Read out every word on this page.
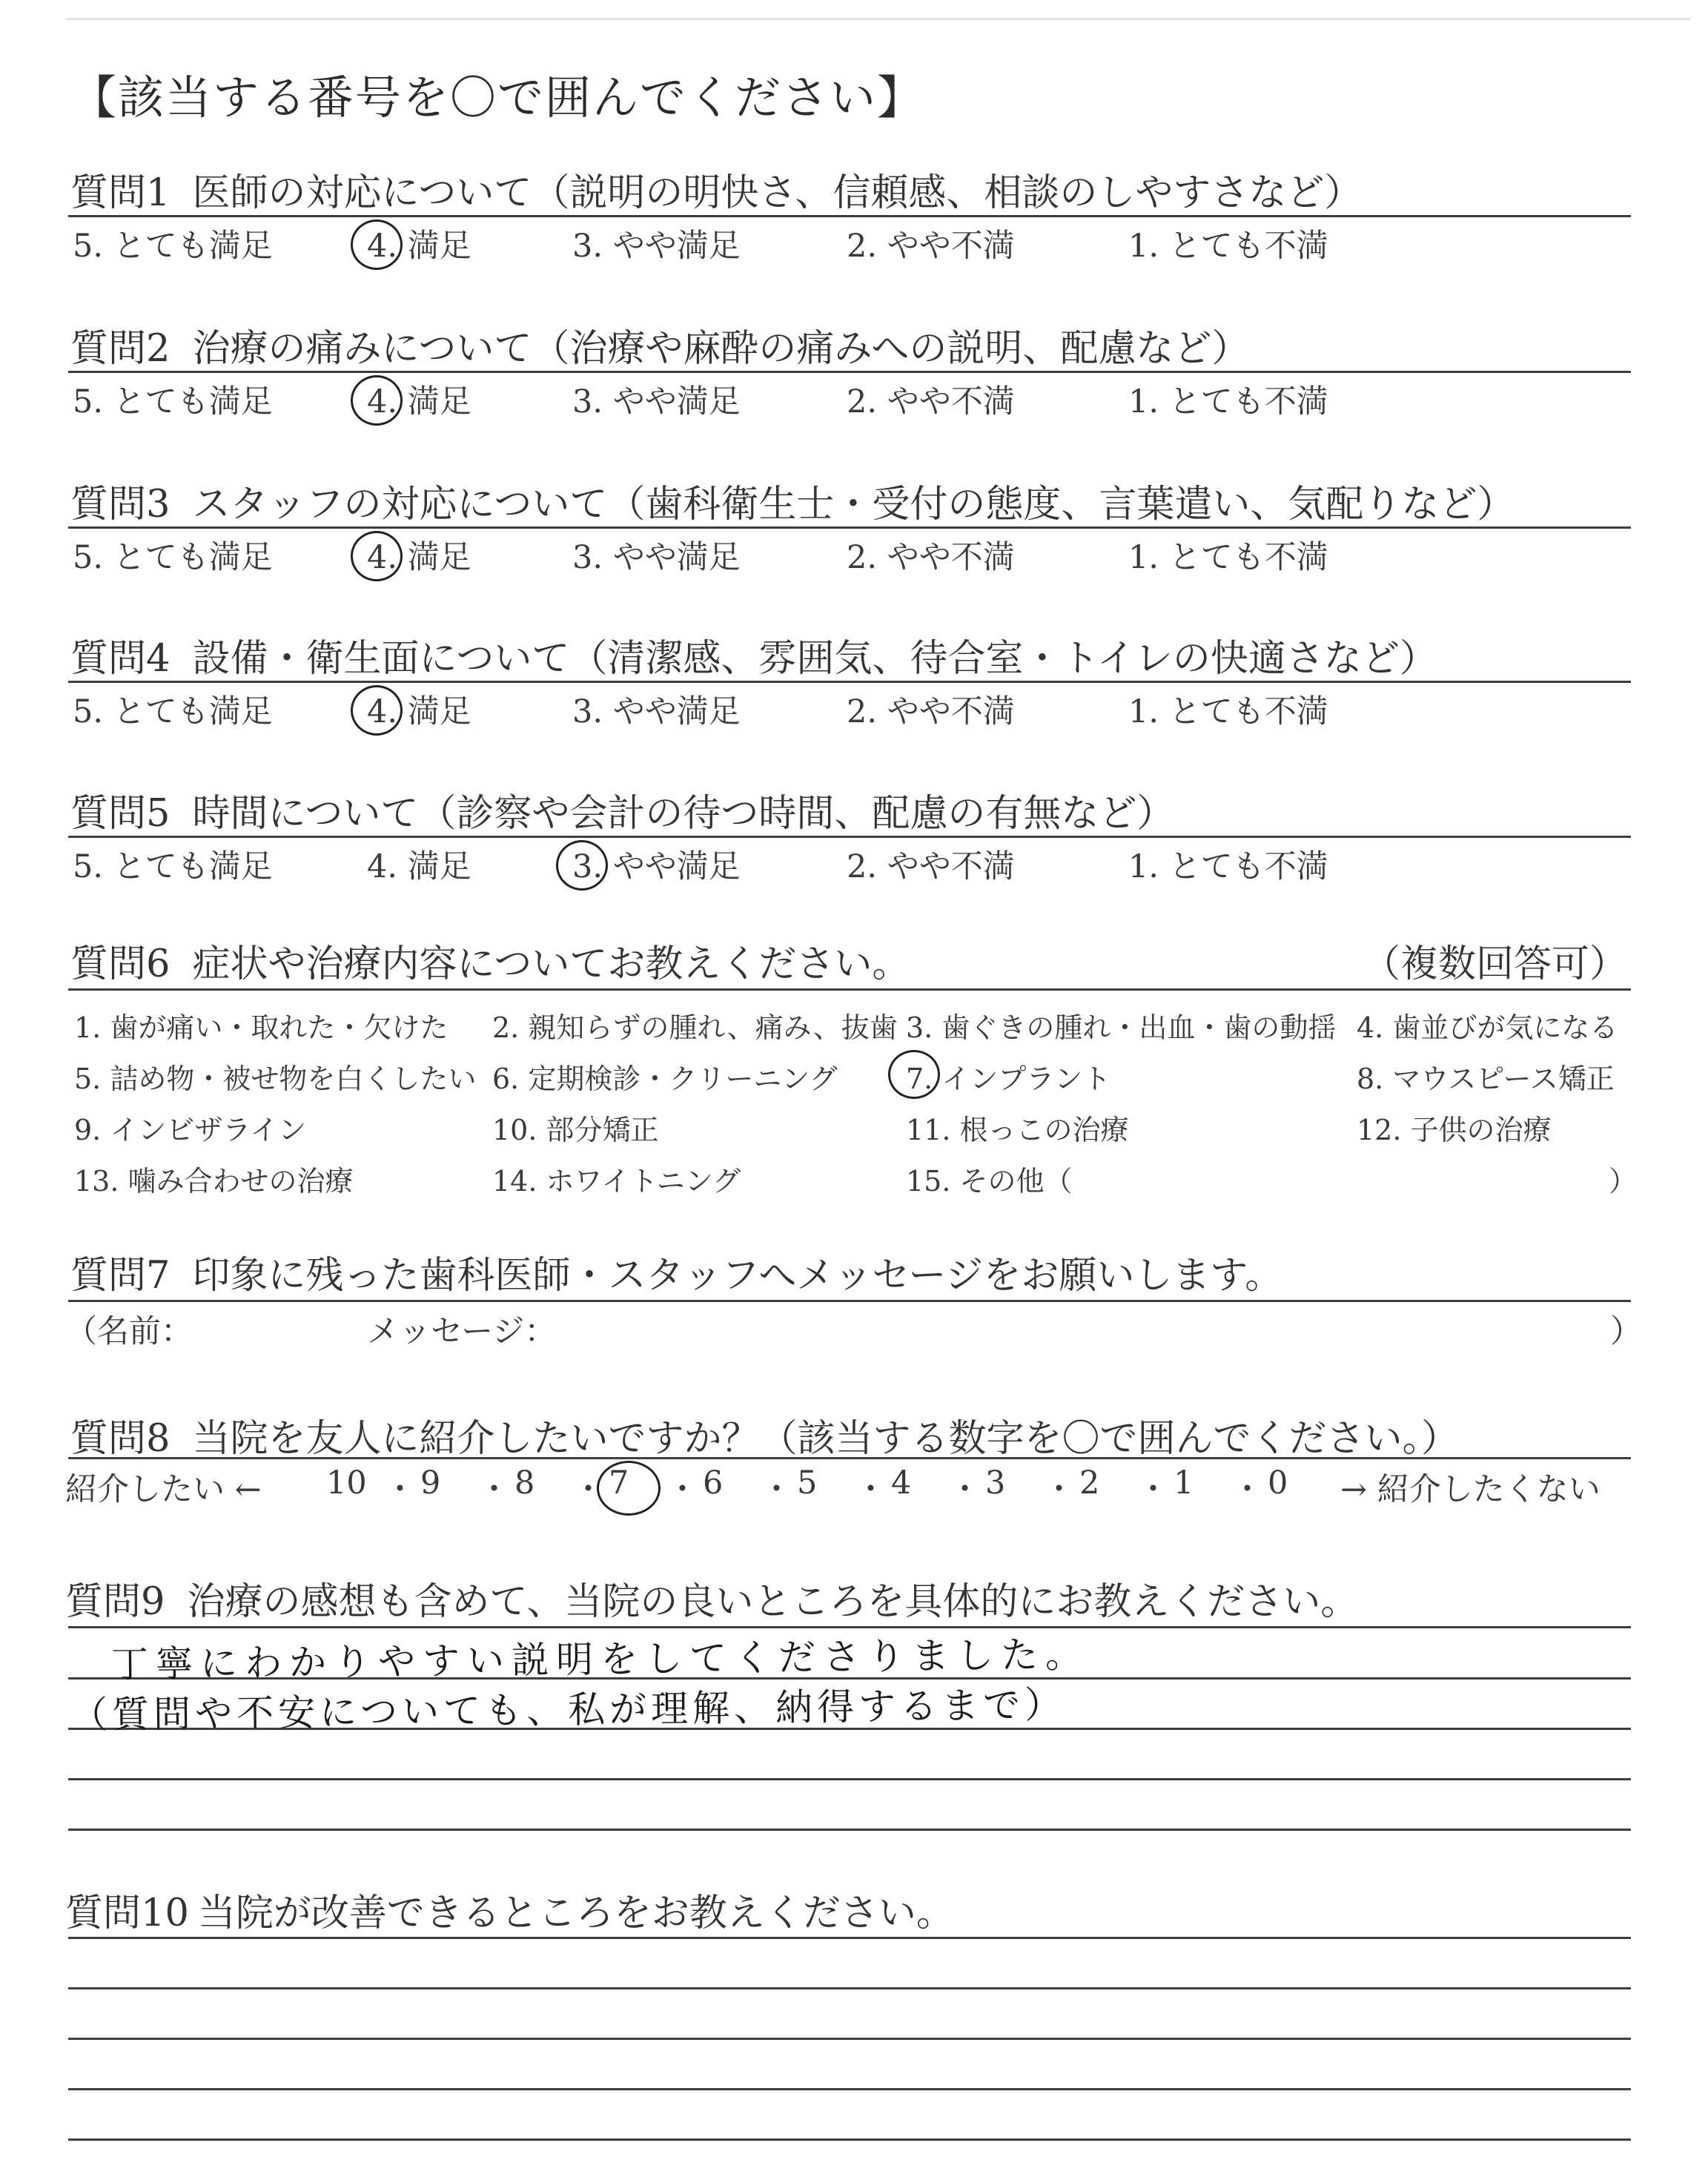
【該当する番号を〇で囲んでください】
質問1 医師の対応について（説明の明快さ、信頼感、相談のしやすさなど）
5. とても満足	4. 満足	3. やや満足	2. やや不満	1. とても不満
質問2 治療の痛みについて（治療や麻酔の痛みへの説明、配慮など）
5. とても満足	4. 満足	3. やや満足	2. やや不満	1. とても不満
質問3 スタッフの対応について（歯科衛生士・受付の態度、言葉遣い、気配りなど）
5. とても満足	4. 満足	3. やや満足	2. やや不満	1. とても不満
質問4 設備・衛生面について（清潔感、雰囲気、待合室・トイレの快適さなど）
5. とても満足	4. 満足	3. やや満足	2. やや不満	1. とても不満
質問5 時間について（診察や会計の待つ時間、配慮の有無など）
5. とても満足	4. 満足	3. やや満足	2. やや不満	1. とても不満
質問6 症状や治療内容についてお教えください。	（複数回答可）
1. 歯が痛い・取れた・欠けた 2. 親知らずの腫れ、痛み、抜歯 3. 歯ぐきの腫れ・出血・歯の動揺 4. 歯並びが気になる
5. 詰め物・被せ物を白くしたい 6. 定期検診・クリーニング 7. インプラント	8. マウスピース矯正
9. インビザライン	10. 部分矯正	11. 根っこの治療	12. 子供の治療
13. 噛み合わせの治療	14. ホワイトニング	15. その他（	）
質問7 印象に残った歯科医師・スタッフへメッセージをお願いします。
（名前：	メッセージ：	）
質問8 当院を友人に紹介したいですか？（該当する数字を〇で囲んでください。）
紹介したい ←	→ 紹介したくない
10 ・ 9 ・ 8 ・ 7 ・ 6 ・ 5 ・ 4 ・ 3 ・ 2 ・ 1 ・ 0
質問9 治療の感想も含めて、当院の良いところを具体的にお教えください。
丁寧にわかりやすい説明をしてくださりました。
（質問や不安についても、私が理解、納得するまで）
質問10 当院が改善できるところをお教えください。
